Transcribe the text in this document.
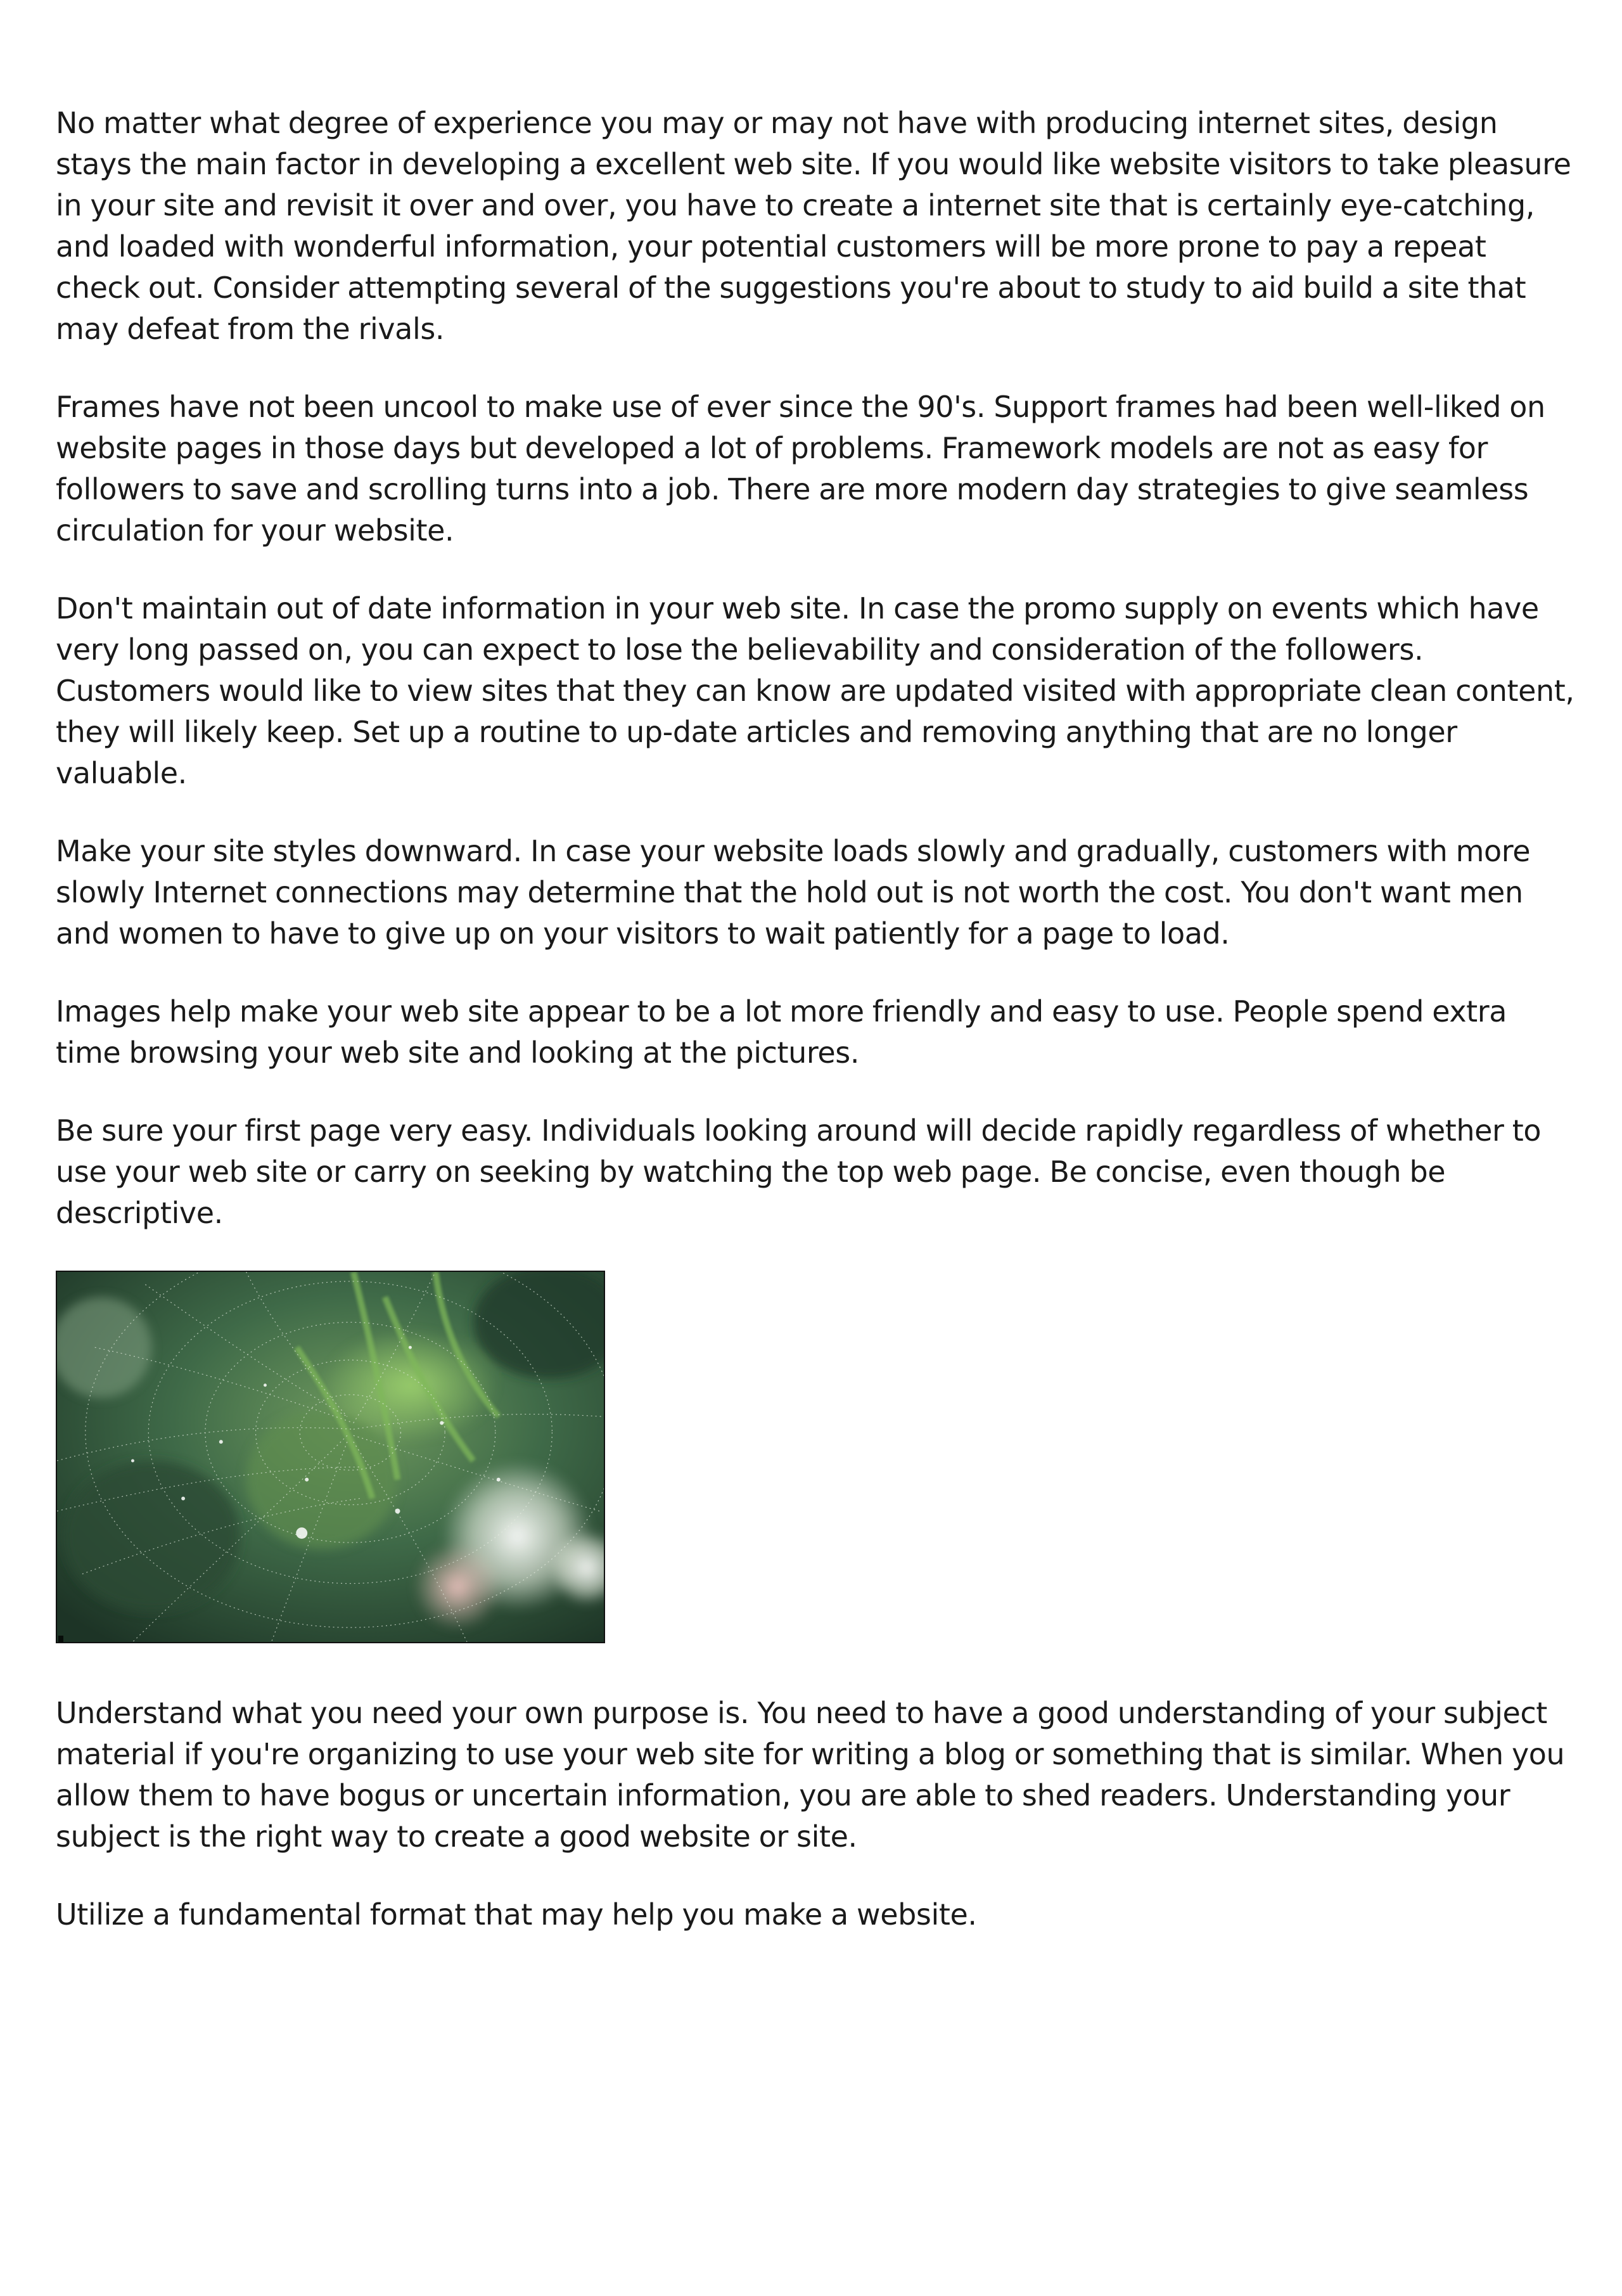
No matter what degree of experience you may or may not have with producing internet sites, design stays the main factor in developing a excellent web site. If you would like website visitors to take pleasure in your site and revisit it over and over, you have to create a internet site that is certainly eye-catching, and loaded with wonderful information, your potential customers will be more prone to pay a repeat check out. Consider attempting several of the suggestions you're about to study to aid build a site that may defeat from the rivals.

Frames have not been uncool to make use of ever since the 90's. Support frames had been well-liked on website pages in those days but developed a lot of problems. Framework models are not as easy for followers to save and scrolling turns into a job. There are more modern day strategies to give seamless circulation for your website.

Don't maintain out of date information in your web site. In case the promo supply on events which have very long passed on, you can expect to lose the believability and consideration of the followers. Customers would like to view sites that they can know are updated visited with appropriate clean content, they will likely keep. Set up a routine to up-date articles and removing anything that are no longer valuable.

Make your site styles downward. In case your website loads slowly and gradually, customers with more slowly Internet connections may determine that the hold out is not worth the cost. You don't want men and women to have to give up on your visitors to wait patiently for a page to load.

Images help make your web site appear to be a lot more friendly and easy to use. People spend extra time browsing your web site and looking at the pictures.

Be sure your first page very easy. Individuals looking around will decide rapidly regardless of whether to use your web site or carry on seeking by watching the top web page. Be concise, even though be descriptive.

Understand what you need your own purpose is. You need to have a good understanding of your subject material if you're organizing to use your web site for writing a blog or something that is similar. When you allow them to have bogus or uncertain information, you are able to shed readers. Understanding your subject is the right way to create a good website or site.

Utilize a fundamental format that may help you make a website.
